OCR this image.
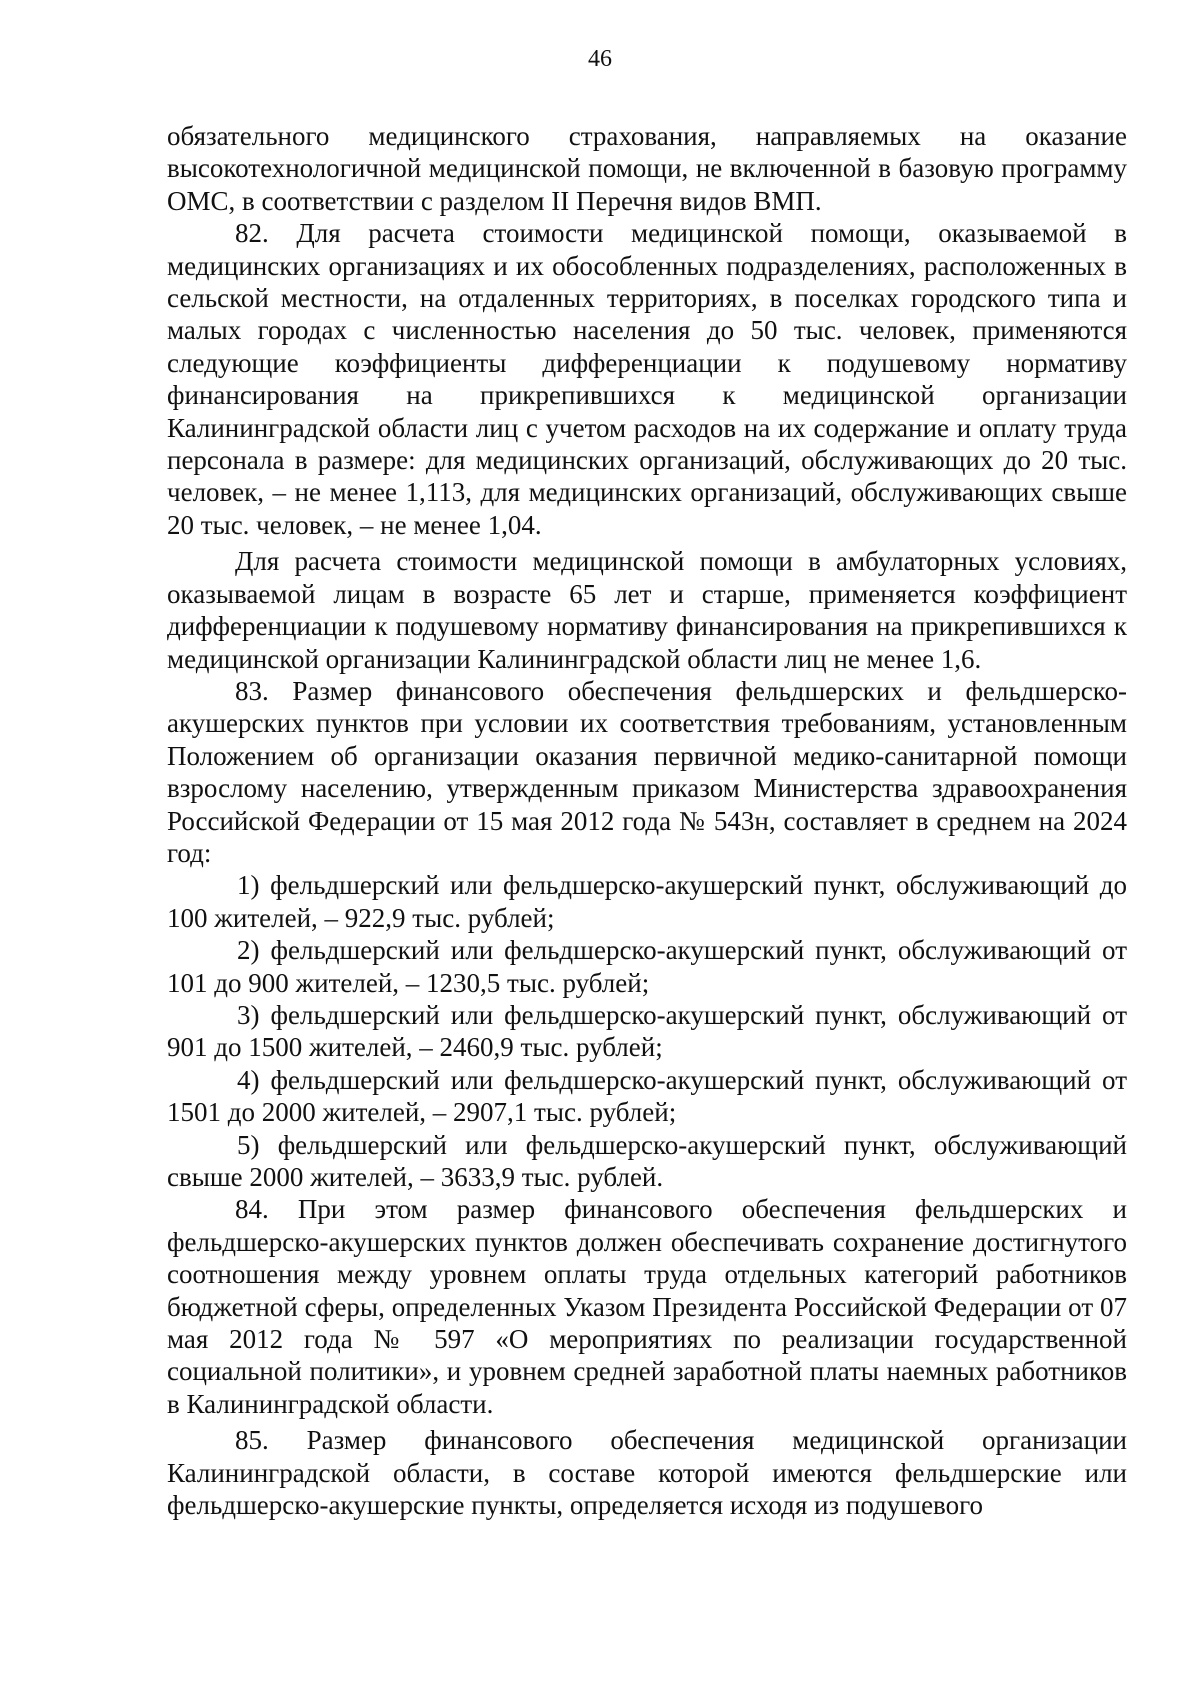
46

обязательного медицинского страхования, направляемых на оказание высокотехнологичной медицинской помощи, не включенной в базовую программу ОМС, в соответствии с разделом II Перечня видов ВМП.

82. Для расчета стоимости медицинской помощи, оказываемой в медицинских организациях и их обособленных подразделениях, расположенных в сельской местности, на отдаленных территориях, в поселках городского типа и малых городах с численностью населения до 50 тыс. человек, применяются следующие коэффициенты дифференциации к подушевому нормативу финансирования на прикрепившихся к медицинской организации Калининградской области лиц с учетом расходов на их содержание и оплату труда персонала в размере: для медицинских организаций, обслуживающих до 20 тыс. человек, – не менее 1,113, для медицинских организаций, обслуживающих свыше 20 тыс. человек, – не менее 1,04.

Для расчета стоимости медицинской помощи в амбулаторных условиях, оказываемой лицам в возрасте 65 лет и старше, применяется коэффициент дифференциации к подушевому нормативу финансирования на прикрепившихся к медицинской организации Калининградской области лиц не менее 1,6.

83. Размер финансового обеспечения фельдшерских и фельдшерско-акушерских пунктов при условии их соответствия требованиям, установленным Положением об организации оказания первичной медико-санитарной помощи взрослому населению, утвержденным приказом Министерства здравоохранения Российской Федерации от 15 мая 2012 года № 543н, составляет в среднем на 2024 год:

1) фельдшерский или фельдшерско-акушерский пункт, обслуживающий до 100 жителей, – 922,9 тыс. рублей;

2) фельдшерский или фельдшерско-акушерский пункт, обслуживающий от 101 до 900 жителей, – 1230,5 тыс. рублей;

3) фельдшерский или фельдшерско-акушерский пункт, обслуживающий от 901 до 1500 жителей, – 2460,9 тыс. рублей;

4) фельдшерский или фельдшерско-акушерский пункт, обслуживающий от 1501 до 2000 жителей, – 2907,1 тыс. рублей;

5) фельдшерский или фельдшерско-акушерский пункт, обслуживающий свыше 2000 жителей, – 3633,9 тыс. рублей.

84. При этом размер финансового обеспечения фельдшерских и фельдшерско-акушерских пунктов должен обеспечивать сохранение достигнутого соотношения между уровнем оплаты труда отдельных категорий работников бюджетной сферы, определенных Указом Президента Российской Федерации от 07 мая 2012 года № 597 «О мероприятиях по реализации государственной социальной политики», и уровнем средней заработной платы наемных работников в Калининградской области.

85. Размер финансового обеспечения медицинской организации Калининградской области, в составе которой имеются фельдшерские или фельдшерско-акушерские пункты, определяется исходя из подушевого
